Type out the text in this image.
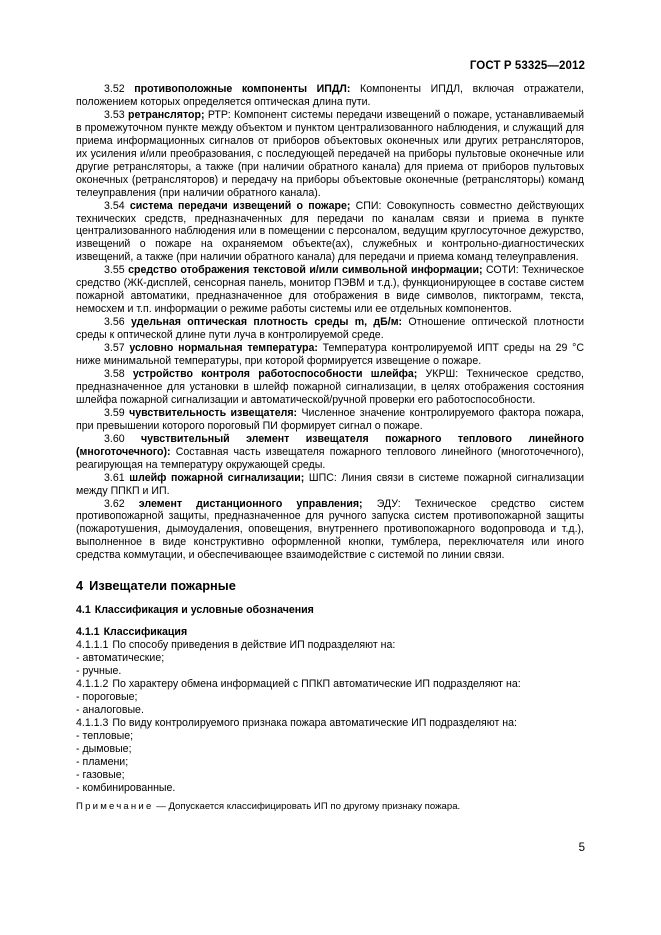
ГОСТ Р 53325—2012

3.52 противоположные компоненты ИПДЛ: Компоненты ИПДЛ, включая отражатели, положением которых определяется оптическая длина пути.

3.53 ретранслятор; РТР: Компонент системы передачи извещений о пожаре, устанавливаемый в промежуточном пункте между объектом и пунктом централизованного наблюдения, и служащий для приема информационных сигналов от приборов объектовых оконечных или других ретрансляторов, их усиления и/или преобразования, с последующей передачей на приборы пультовые оконечные или другие ретрансляторы, а также (при наличии обратного канала) для приема от приборов пультовых оконечных (ретрансляторов) и передачу на приборы объектовые оконечные (ретрансляторы) команд телеуправления (при наличии обратного канала).

3.54 система передачи извещений о пожаре; СПИ: Совокупность совместно действующих технических средств, предназначенных для передачи по каналам связи и приема в пункте централизованного наблюдения или в помещении с персоналом, ведущим круглосуточное дежурство, извещений о пожаре на охраняемом объекте(ах), служебных и контрольно-диагностических извещений, а также (при наличии обратного канала) для передачи и приема команд телеуправления.

3.55 средство отображения текстовой и/или символьной информации; СОТИ: Техническое средство (ЖК-дисплей, сенсорная панель, монитор ПЭВМ и т.д.), функционирующее в составе систем пожарной автоматики, предназначенное для отображения в виде символов, пиктограмм, текста, немосхем и т.п. информации о режиме работы системы или ее отдельных компонентов.

3.56 удельная оптическая плотность среды m, дБ/м: Отношение оптической плотности среды к оптической длине пути луча в контролируемой среде.

3.57 условно нормальная температура: Температура контролируемой ИПТ среды на 29 °С ниже минимальной температуры, при которой формируется извещение о пожаре.

3.58 устройство контроля работоспособности шлейфа; УКРШ: Техническое средство, предназначенное для установки в шлейф пожарной сигнализации, в целях отображения состояния шлейфа пожарной сигнализации и автоматической/ручной проверки его работоспособности.

3.59 чувствительность извещателя: Численное значение контролируемого фактора пожара, при превышении которого пороговый ПИ формирует сигнал о пожаре.

3.60 чувствительный элемент извещателя пожарного теплового линейного (многоточечного): Составная часть извещателя пожарного теплового линейного (многоточечного), реагирующая на температуру окружающей среды.

3.61 шлейф пожарной сигнализации; ШПС: Линия связи в системе пожарной сигнализации между ППКП и ИП.

3.62 элемент дистанционного управления; ЭДУ: Техническое средство систем противопожарной защиты, предназначенное для ручного запуска систем противопожарной защиты (пожаротушения, дымоудаления, оповещения, внутреннего противопожарного водопровода и т.д.), выполненное в виде конструктивно оформленной кнопки, тумблера, переключателя или иного средства коммутации, и обеспечивающее взаимодействие с системой по линии связи.

4 Извещатели пожарные

4.1 Классификация и условные обозначения

4.1.1 Классификация

4.1.1.1 По способу приведения в действие ИП подразделяют на:

- автоматические;

- ручные.

4.1.1.2 По характеру обмена информацией с ППКП автоматические ИП подразделяют на:

- пороговые;

- аналоговые.

4.1.1.3 По виду контролируемого признака пожара автоматические ИП подразделяют на:

- тепловые;

- дымовые;

- пламени;

- газовые;

- комбинированные.

Примечание — Допускается классифицировать ИП по другому признаку пожара.

5
